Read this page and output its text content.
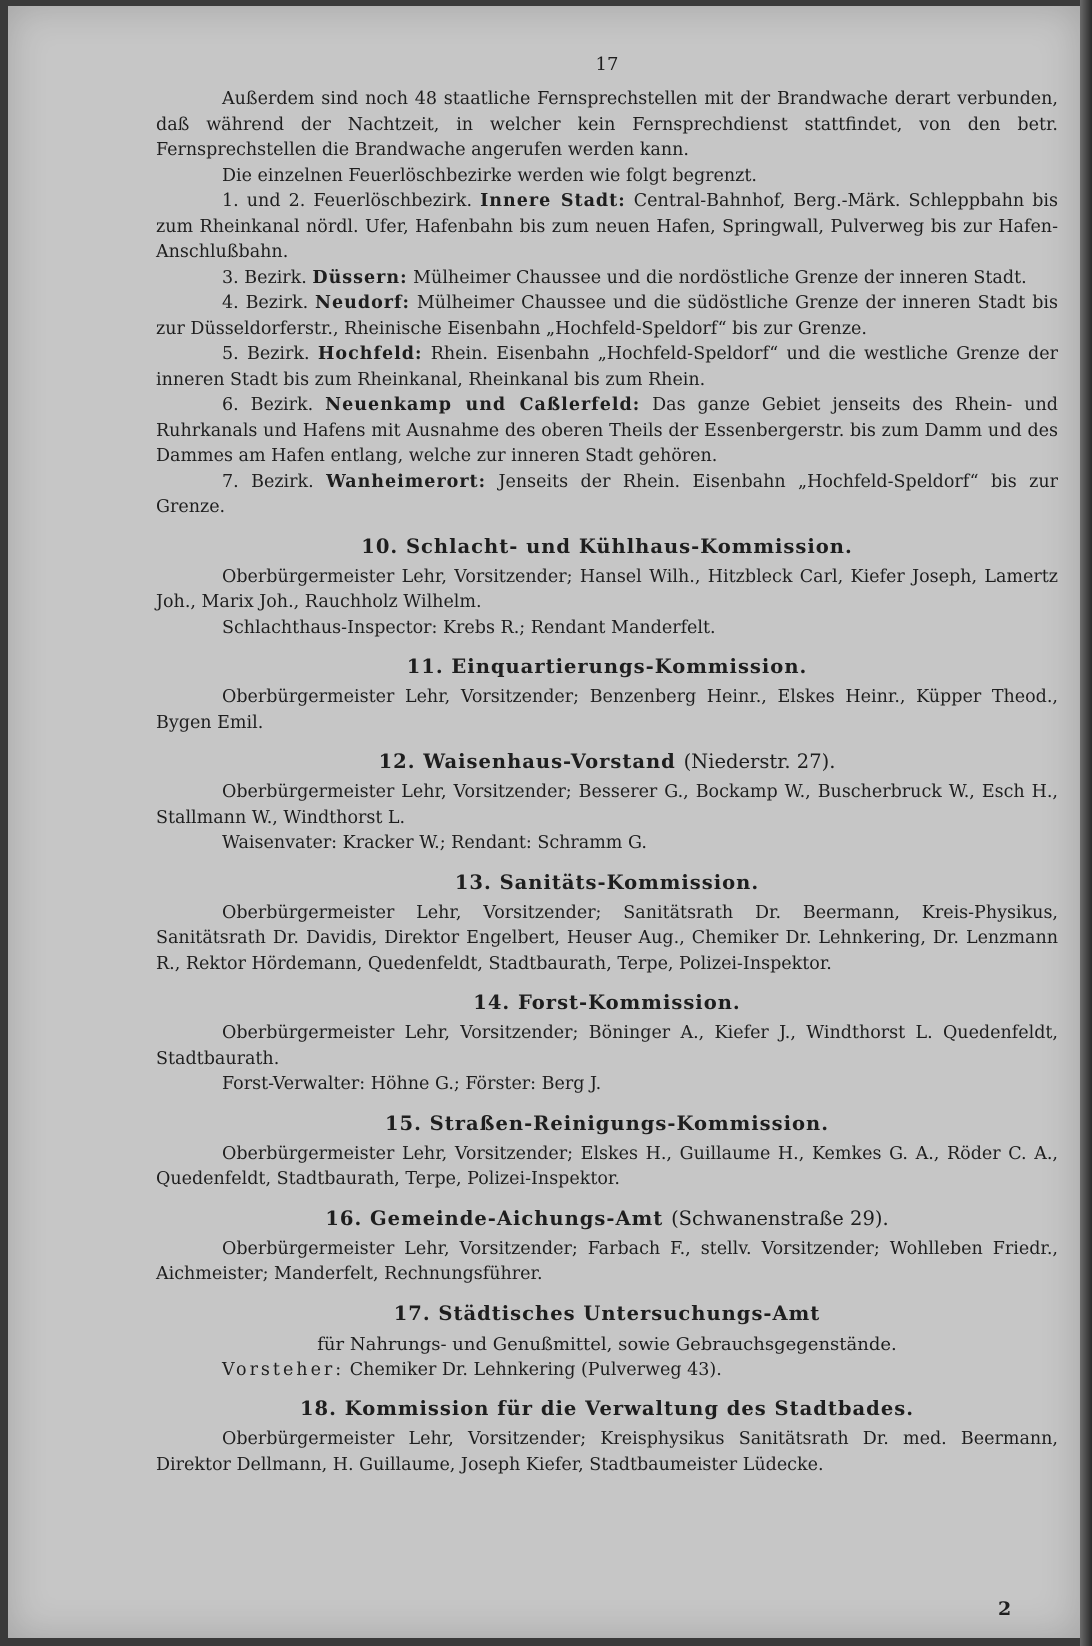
17

Außerdem sind noch 48 staatliche Fernsprechstellen mit der Brandwache derart verbunden, daß während der Nachtzeit, in welcher kein Fernsprechdienst stattfindet, von den betr. Fernsprechstellen die Brandwache angerufen werden kann.

Die einzelnen Feuerlöschbezirke werden wie folgt begrenzt.

1. und 2. Feuerlöschbezirk. Innere Stadt: Central-Bahnhof, Berg.-Märk. Schleppbahn bis zum Rheinkanal nördl. Ufer, Hafenbahn bis zum neuen Hafen, Springwall, Pulverweg bis zur Hafen-Anschlußbahn.

3. Bezirk. Düssern: Mülheimer Chaussee und die nordöstliche Grenze der inneren Stadt.

4. Bezirk. Neudorf: Mülheimer Chaussee und die südöstliche Grenze der inneren Stadt bis zur Düsseldorferstr., Rheinische Eisenbahn „Hochfeld-Speldorf“ bis zur Grenze.

5. Bezirk. Hochfeld: Rhein. Eisenbahn „Hochfeld-Speldorf“ und die westliche Grenze der inneren Stadt bis zum Rheinkanal, Rheinkanal bis zum Rhein.

6. Bezirk. Neuenkamp und Caßlerfeld: Das ganze Gebiet jenseits des Rhein- und Ruhrkanals und Hafens mit Ausnahme des oberen Theils der Essenbergerstr. bis zum Damm und des Dammes am Hafen entlang, welche zur inneren Stadt gehören.

7. Bezirk. Wanheimerort: Jenseits der Rhein. Eisenbahn „Hochfeld-Speldorf“ bis zur Grenze.

10. Schlacht- und Kühlhaus-Kommission.

Oberbürgermeister Lehr, Vorsitzender; Hansel Wilh., Hitzbleck Carl, Kiefer Joseph, Lamertz Joh., Marix Joh., Rauchholz Wilhelm.

Schlachthaus-Inspector: Krebs R.; Rendant Manderfelt.

11. Einquartierungs-Kommission.

Oberbürgermeister Lehr, Vorsitzender; Benzenberg Heinr., Elskes Heinr., Küpper Theod., Bygen Emil.

12. Waisenhaus-Vorstand (Niederstr. 27).

Oberbürgermeister Lehr, Vorsitzender; Besserer G., Bockamp W., Buscherbruck W., Esch H., Stallmann W., Windthorst L.

Waisenvater: Kracker W.; Rendant: Schramm G.

13. Sanitäts-Kommission.

Oberbürgermeister Lehr, Vorsitzender; Sanitätsrath Dr. Beermann, Kreis-Physikus, Sanitätsrath Dr. Davidis, Direktor Engelbert, Heuser Aug., Chemiker Dr. Lehnkering, Dr. Lenzmann R., Rektor Hördemann, Quedenfeldt, Stadtbaurath, Terpe, Polizei-Inspektor.

14. Forst-Kommission.

Oberbürgermeister Lehr, Vorsitzender; Böninger A., Kiefer J., Windthorst L. Quedenfeldt, Stadtbaurath.

Forst-Verwalter: Höhne G.; Förster: Berg J.

15. Straßen-Reinigungs-Kommission.

Oberbürgermeister Lehr, Vorsitzender; Elskes H., Guillaume H., Kemkes G. A., Röder C. A., Quedenfeldt, Stadtbaurath, Terpe, Polizei-Inspektor.

16. Gemeinde-Aichungs-Amt (Schwanenstraße 29).

Oberbürgermeister Lehr, Vorsitzender; Farbach F., stellv. Vorsitzender; Wohlleben Friedr., Aichmeister; Manderfelt, Rechnungsführer.

17. Städtisches Untersuchungs-Amt
für Nahrungs- und Genußmittel, sowie Gebrauchsgegenstände.

Vorsteher: Chemiker Dr. Lehnkering (Pulverweg 43).

18. Kommission für die Verwaltung des Stadtbades.

Oberbürgermeister Lehr, Vorsitzender; Kreisphysikus Sanitätsrath Dr. med. Beermann, Direktor Dellmann, H. Guillaume, Joseph Kiefer, Stadtbaumeister Lüdecke.

2
